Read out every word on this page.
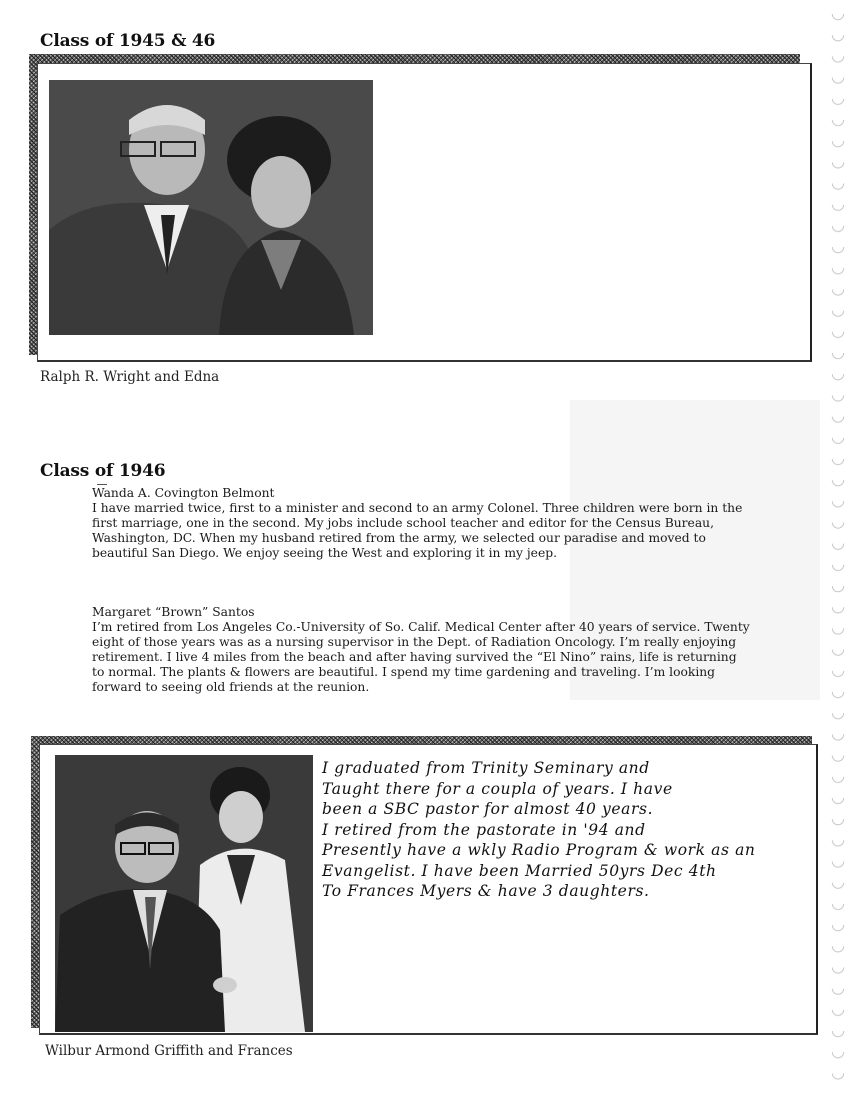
Class of 1945 & 46

Ralph R. Wright and Edna

Class of 1946

Wanda A. Covington Belmont

I have married twice, first to a minister and second to an army Colonel. Three children were born in the first marriage, one in the second. My jobs include school teacher and editor for the Census Bureau, Washington, DC. When my husband retired from the army, we selected our paradise and moved to beautiful San Diego. We enjoy seeing the West and exploring it in my jeep.

Margaret “Brown” Santos

I’m retired from Los Angeles Co.-University of So. Calif. Medical Center after 40 years of service. Twenty eight of those years was as a nursing supervisor in the Dept. of Radiation Oncology. I’m really enjoying retirement. I live 4 miles from the beach and after having survived the “El Nino” rains, life is returning to normal. The plants & flowers are beautiful. I spend my time gardening and traveling. I’m looking forward to seeing old friends at the reunion.

I graduated from Trinity Seminary and
Taught there for a coupla of years. I have
been a SBC pastor for almost 40 years.
I retired from the pastorate in '94 and
Presently have a wkly Radio Program & work as an
Evangelist. I have been Married 50yrs Dec 4th
To Frances Myers & have 3 daughters.

Wilbur Armond Griffith and Frances
